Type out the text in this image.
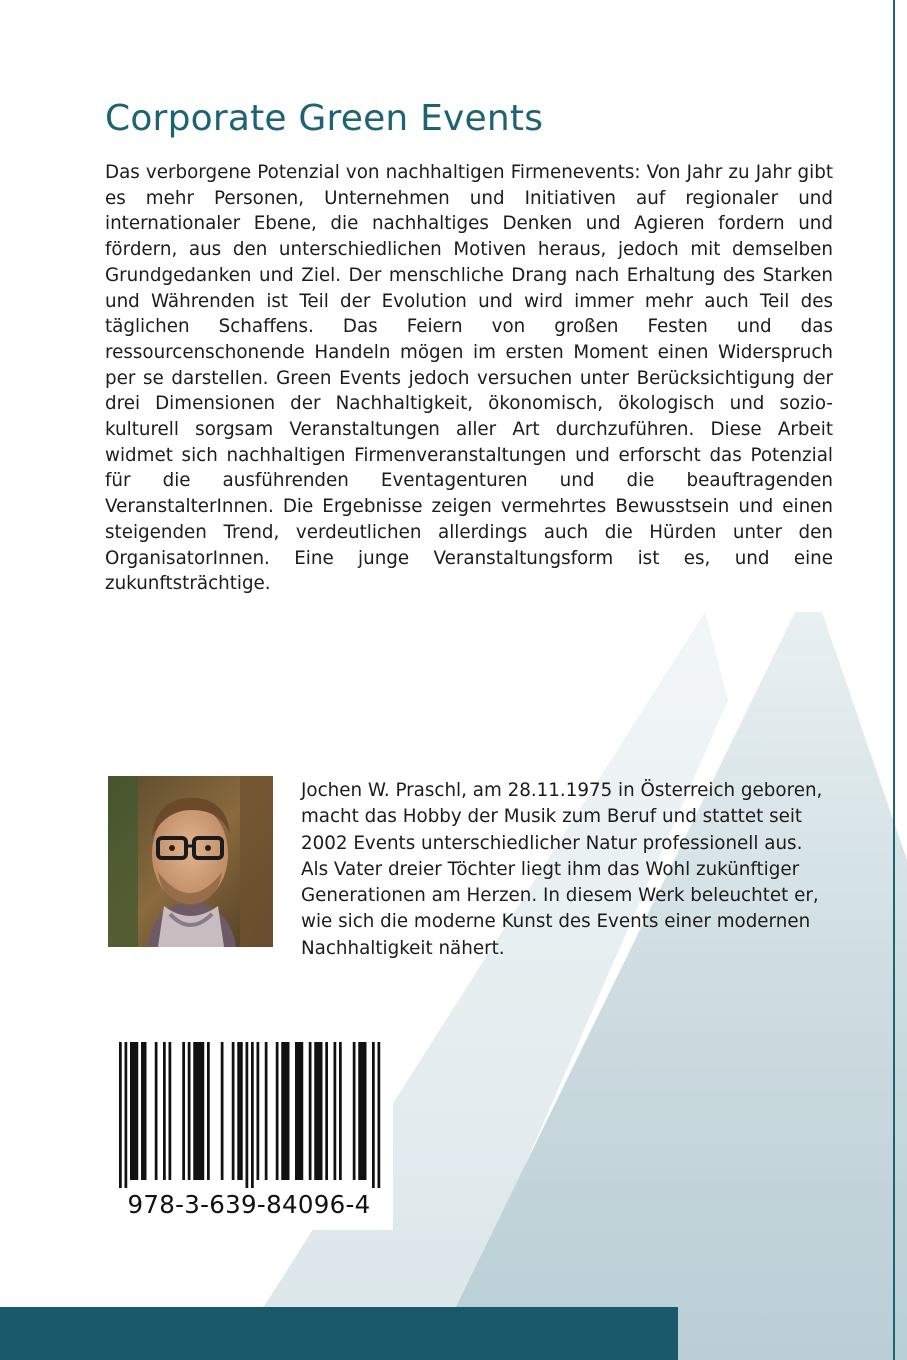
Corporate Green Events

Das verborgene Potenzial von nachhaltigen Firmenevents: Von Jahr zu Jahr gibt es mehr Personen, Unternehmen und Initiativen auf regionaler und internationaler Ebene, die nachhaltiges Denken und Agieren fordern und fördern, aus den unterschiedlichen Motiven heraus, jedoch mit demselben Grundgedanken und Ziel. Der menschliche Drang nach Erhaltung des Starken und Währenden ist Teil der Evolution und wird immer mehr auch Teil des täglichen Schaffens. Das Feiern von großen Festen und das ressourcenschonende Handeln mögen im ersten Moment einen Widerspruch per se darstellen. Green Events jedoch versuchen unter Berücksichtigung der drei Dimensionen der Nachhaltigkeit, ökonomisch, ökologisch und sozio-kulturell sorgsam Veranstaltungen aller Art durchzuführen. Diese Arbeit widmet sich nachhaltigen Firmenveranstaltungen und erforscht das Potenzial für die ausführenden Eventagenturen und die beauftragenden VeranstalterInnen. Die Ergebnisse zeigen vermehrtes Bewusstsein und einen steigenden Trend, verdeutlichen allerdings auch die Hürden unter den OrganisatorInnen. Eine junge Veranstaltungsform ist es, und eine zukunftsträchtige.

Jochen W. Praschl, am 28.11.1975 in Österreich geboren, macht das Hobby der Musik zum Beruf und stattet seit 2002 Events unterschiedlicher Natur professionell aus. Als Vater dreier Töchter liegt ihm das Wohl zukünftiger Generationen am Herzen. In diesem Werk beleuchtet er, wie sich die moderne Kunst des Events einer modernen Nachhaltigkeit nähert.

978-3-639-84096-4
